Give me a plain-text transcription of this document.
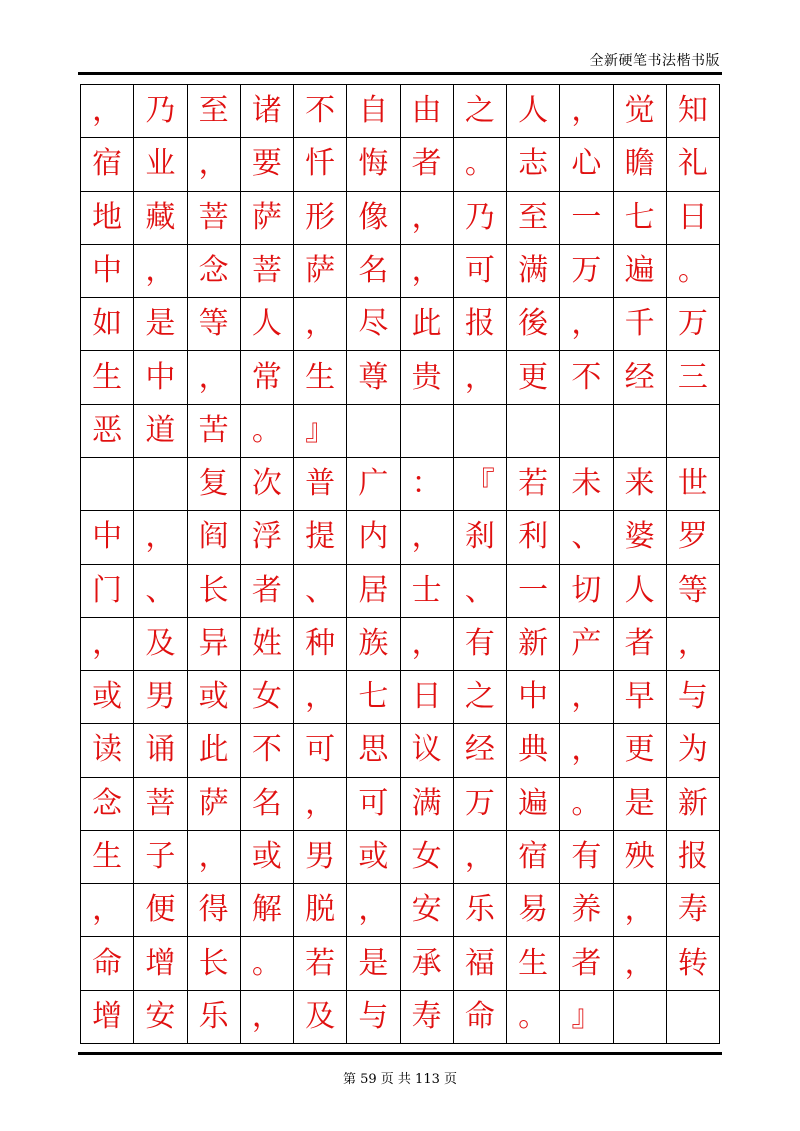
全新硬笔书法楷书版
， 乃 至 诸 不 自 由 之 人 ， 觉 知
宿 业 ， 要 忏 悔 者 。 志 心 瞻 礼
地 藏 菩 萨 形 像 ， 乃 至 一 七 日
中 ， 念 菩 萨 名 ， 可 满 万 遍 。
如 是 等 人 ， 尽 此 报 後 ， 千 万
生 中 ， 常 生 尊 贵 ， 更 不 经 三
恶 道 苦 。 』
复 次 普 广 ： 『 若 未 来 世
中 ， 阎 浮 提 内 ， 刹 利 、 婆 罗
门 、 长 者 、 居 士 、 一 切 人 等
， 及 异 姓 种 族 ， 有 新 产 者 ，
或 男 或 女 ， 七 日 之 中 ， 早 与
读 诵 此 不 可 思 议 经 典 ， 更 为
念 菩 萨 名 ， 可 满 万 遍 。 是 新
生 子 ， 或 男 或 女 ， 宿 有 殃 报
， 便 得 解 脱 ， 安 乐 易 养 ， 寿
命 增 长 。 若 是 承 福 生 者 ， 转
增 安 乐 ， 及 与 寿 命 。 』
第 59 页 共 113 页
